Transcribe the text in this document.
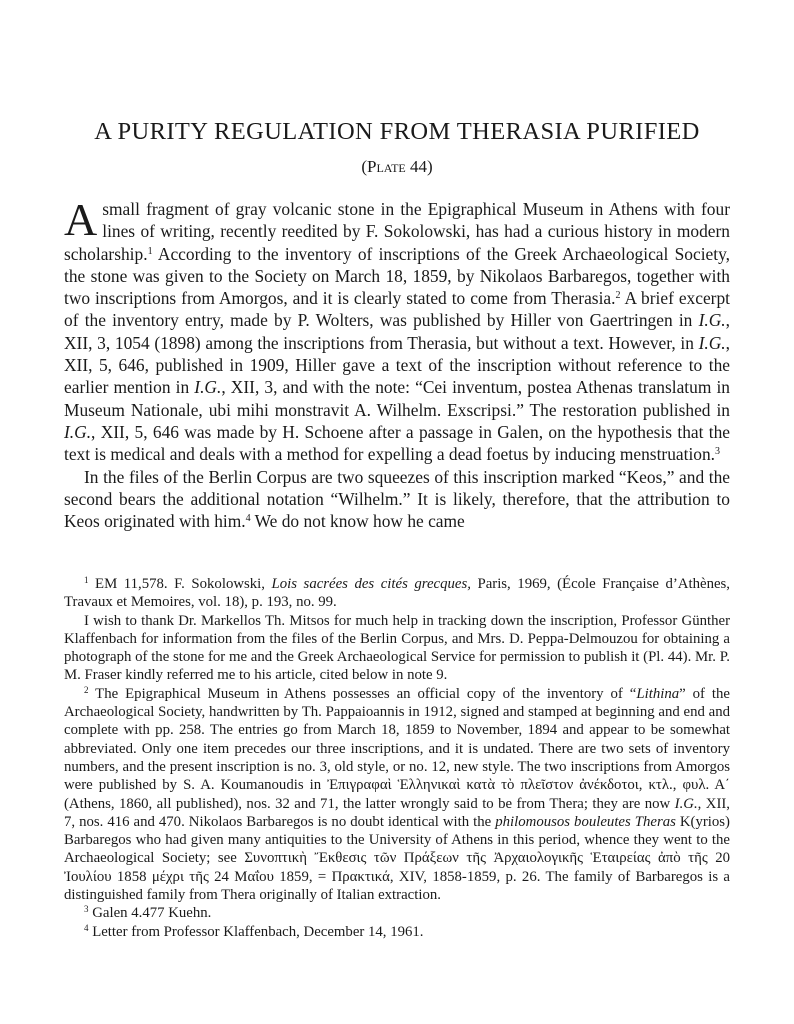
A PURITY REGULATION FROM THERASIA PURIFIED
(Plate 44)

A small fragment of gray volcanic stone in the Epigraphical Museum in Athens with four lines of writing, recently reedited by F. Sokolowski, has had a curious history in modern scholarship.$^1$ According to the inventory of inscriptions of the Greek Archaeological Society, the stone was given to the Society on March 18, 1859, by Nikolaos Barbaregos, together with two inscriptions from Amorgos, and it is clearly stated to come from Therasia.$^2$ A brief excerpt of the inventory entry, made by P. Wolters, was published by Hiller von Gaertringen in I.G., XII, 3, 1054 (1898) among the inscriptions from Therasia, but without a text. However, in I.G., XII, 5, 646, published in 1909, Hiller gave a text of the inscription without reference to the earlier mention in I.G., XII, 3, and with the note: “Cei inventum, postea Athenas translatum in Museum Nationale, ubi mihi monstravit A. Wilhelm. Exscripsi.” The restoration published in I.G., XII, 5, 646 was made by H. Schoene after a passage in Galen, on the hypothesis that the text is medical and deals with a method for expelling a dead foetus by inducing menstruation.$^3$

In the files of the Berlin Corpus are two squeezes of this inscription marked “Keos,” and the second bears the additional notation “Wilhelm.” It is likely, therefore, that the attribution to Keos originated with him.$^4$ We do not know how he came

$^1$ EM 11,578. F. Sokolowski, Lois sacrées des cités grecques, Paris, 1969, (École Française d’Athènes, Travaux et Memoires, vol. 18), p. 193, no. 99.

I wish to thank Dr. Markellos Th. Mitsos for much help in tracking down the inscription, Professor Günther Klaffenbach for information from the files of the Berlin Corpus, and Mrs. D. Peppa-Delmouzou for obtaining a photograph of the stone for me and the Greek Archaeological Service for permission to publish it (Pl. 44). Mr. P. M. Fraser kindly referred me to his article, cited below in note 9.

$^2$ The Epigraphical Museum in Athens possesses an official copy of the inventory of “Lithina” of the Archaeological Society, handwritten by Th. Pappaioannis in 1912, signed and stamped at beginning and end and complete with pp. 258. The entries go from March 18, 1859 to November, 1894 and appear to be somewhat abbreviated. Only one item precedes our three inscriptions, and it is undated. There are two sets of inventory numbers, and the present inscription is no. 3, old style, or no. 12, new style. The two inscriptions from Amorgos were published by S. A. Koumanoudis in Ἐπιγραφαὶ Ἑλληνικαὶ κατὰ τὸ πλεῖστον ἀνέκδοτοι, κτλ., φυλ. Α΄ (Athens, 1860, all published), nos. 32 and 71, the latter wrongly said to be from Thera; they are now I.G., XII, 7, nos. 416 and 470. Nikolaos Barbaregos is no doubt identical with the philomousos bouleutes Theras K(yrios) Barbaregos who had given many antiquities to the University of Athens in this period, whence they went to the Archaeological Society; see Συνοπτικὴ Ἔκθεσις τῶν Πράξεων τῆς Ἀρχαιολογικῆς Ἑταιρείας ἀπὸ τῆς 20 Ἰουλίου 1858 μέχρι τῆς 24 Μαΐου 1859, = Πρακτικά, XIV, 1858-1859, p. 26. The family of Barbaregos is a distinguished family from Thera originally of Italian extraction.

$^3$ Galen 4.477 Kuehn.

$^4$ Letter from Professor Klaffenbach, December 14, 1961.
